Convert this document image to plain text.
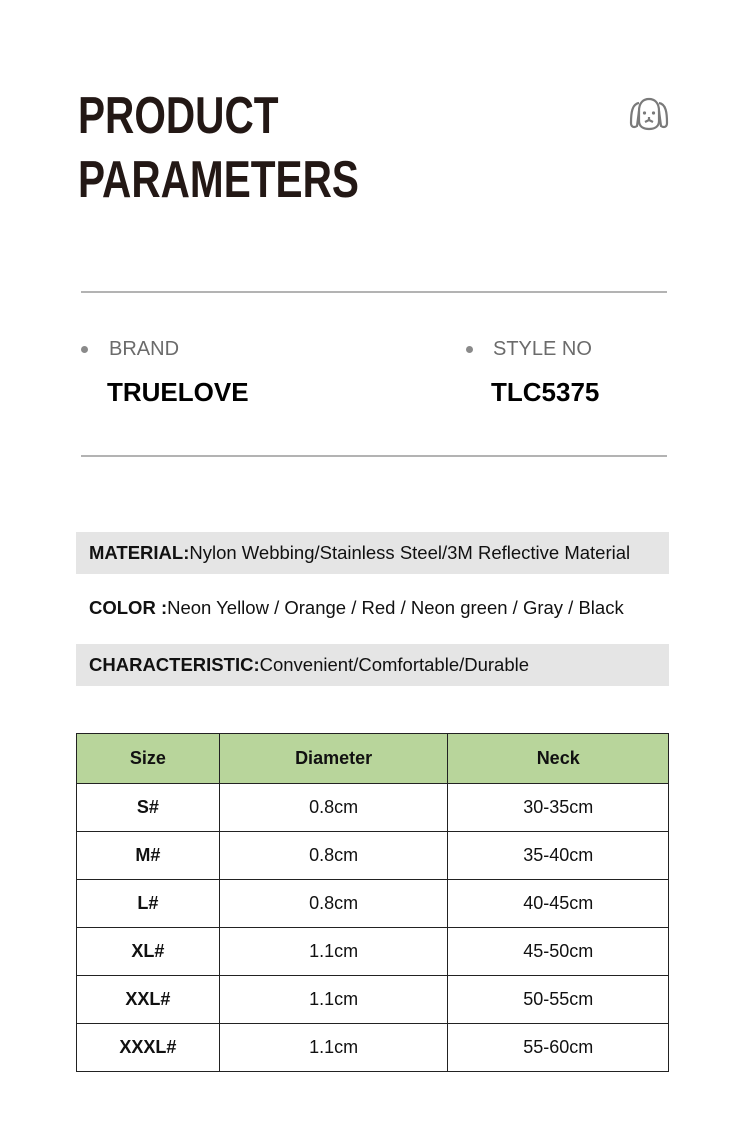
PRODUCT
PARAMETERS
BRAND
TRUELOVE
STYLE NO
TLC5375
MATERIAL:Nylon Webbing/Stainless Steel/3M Reflective Material
COLOR :Neon Yellow / Orange / Red / Neon green / Gray / Black
CHARACTERISTIC:Convenient/Comfortable/Durable
Size	Diameter	Neck
S#	0.8cm	30-35cm
M#	0.8cm	35-40cm
L#	0.8cm	40-45cm
XL#	1.1cm	45-50cm
XXL#	1.1cm	50-55cm
XXXL#	1.1cm	55-60cm
